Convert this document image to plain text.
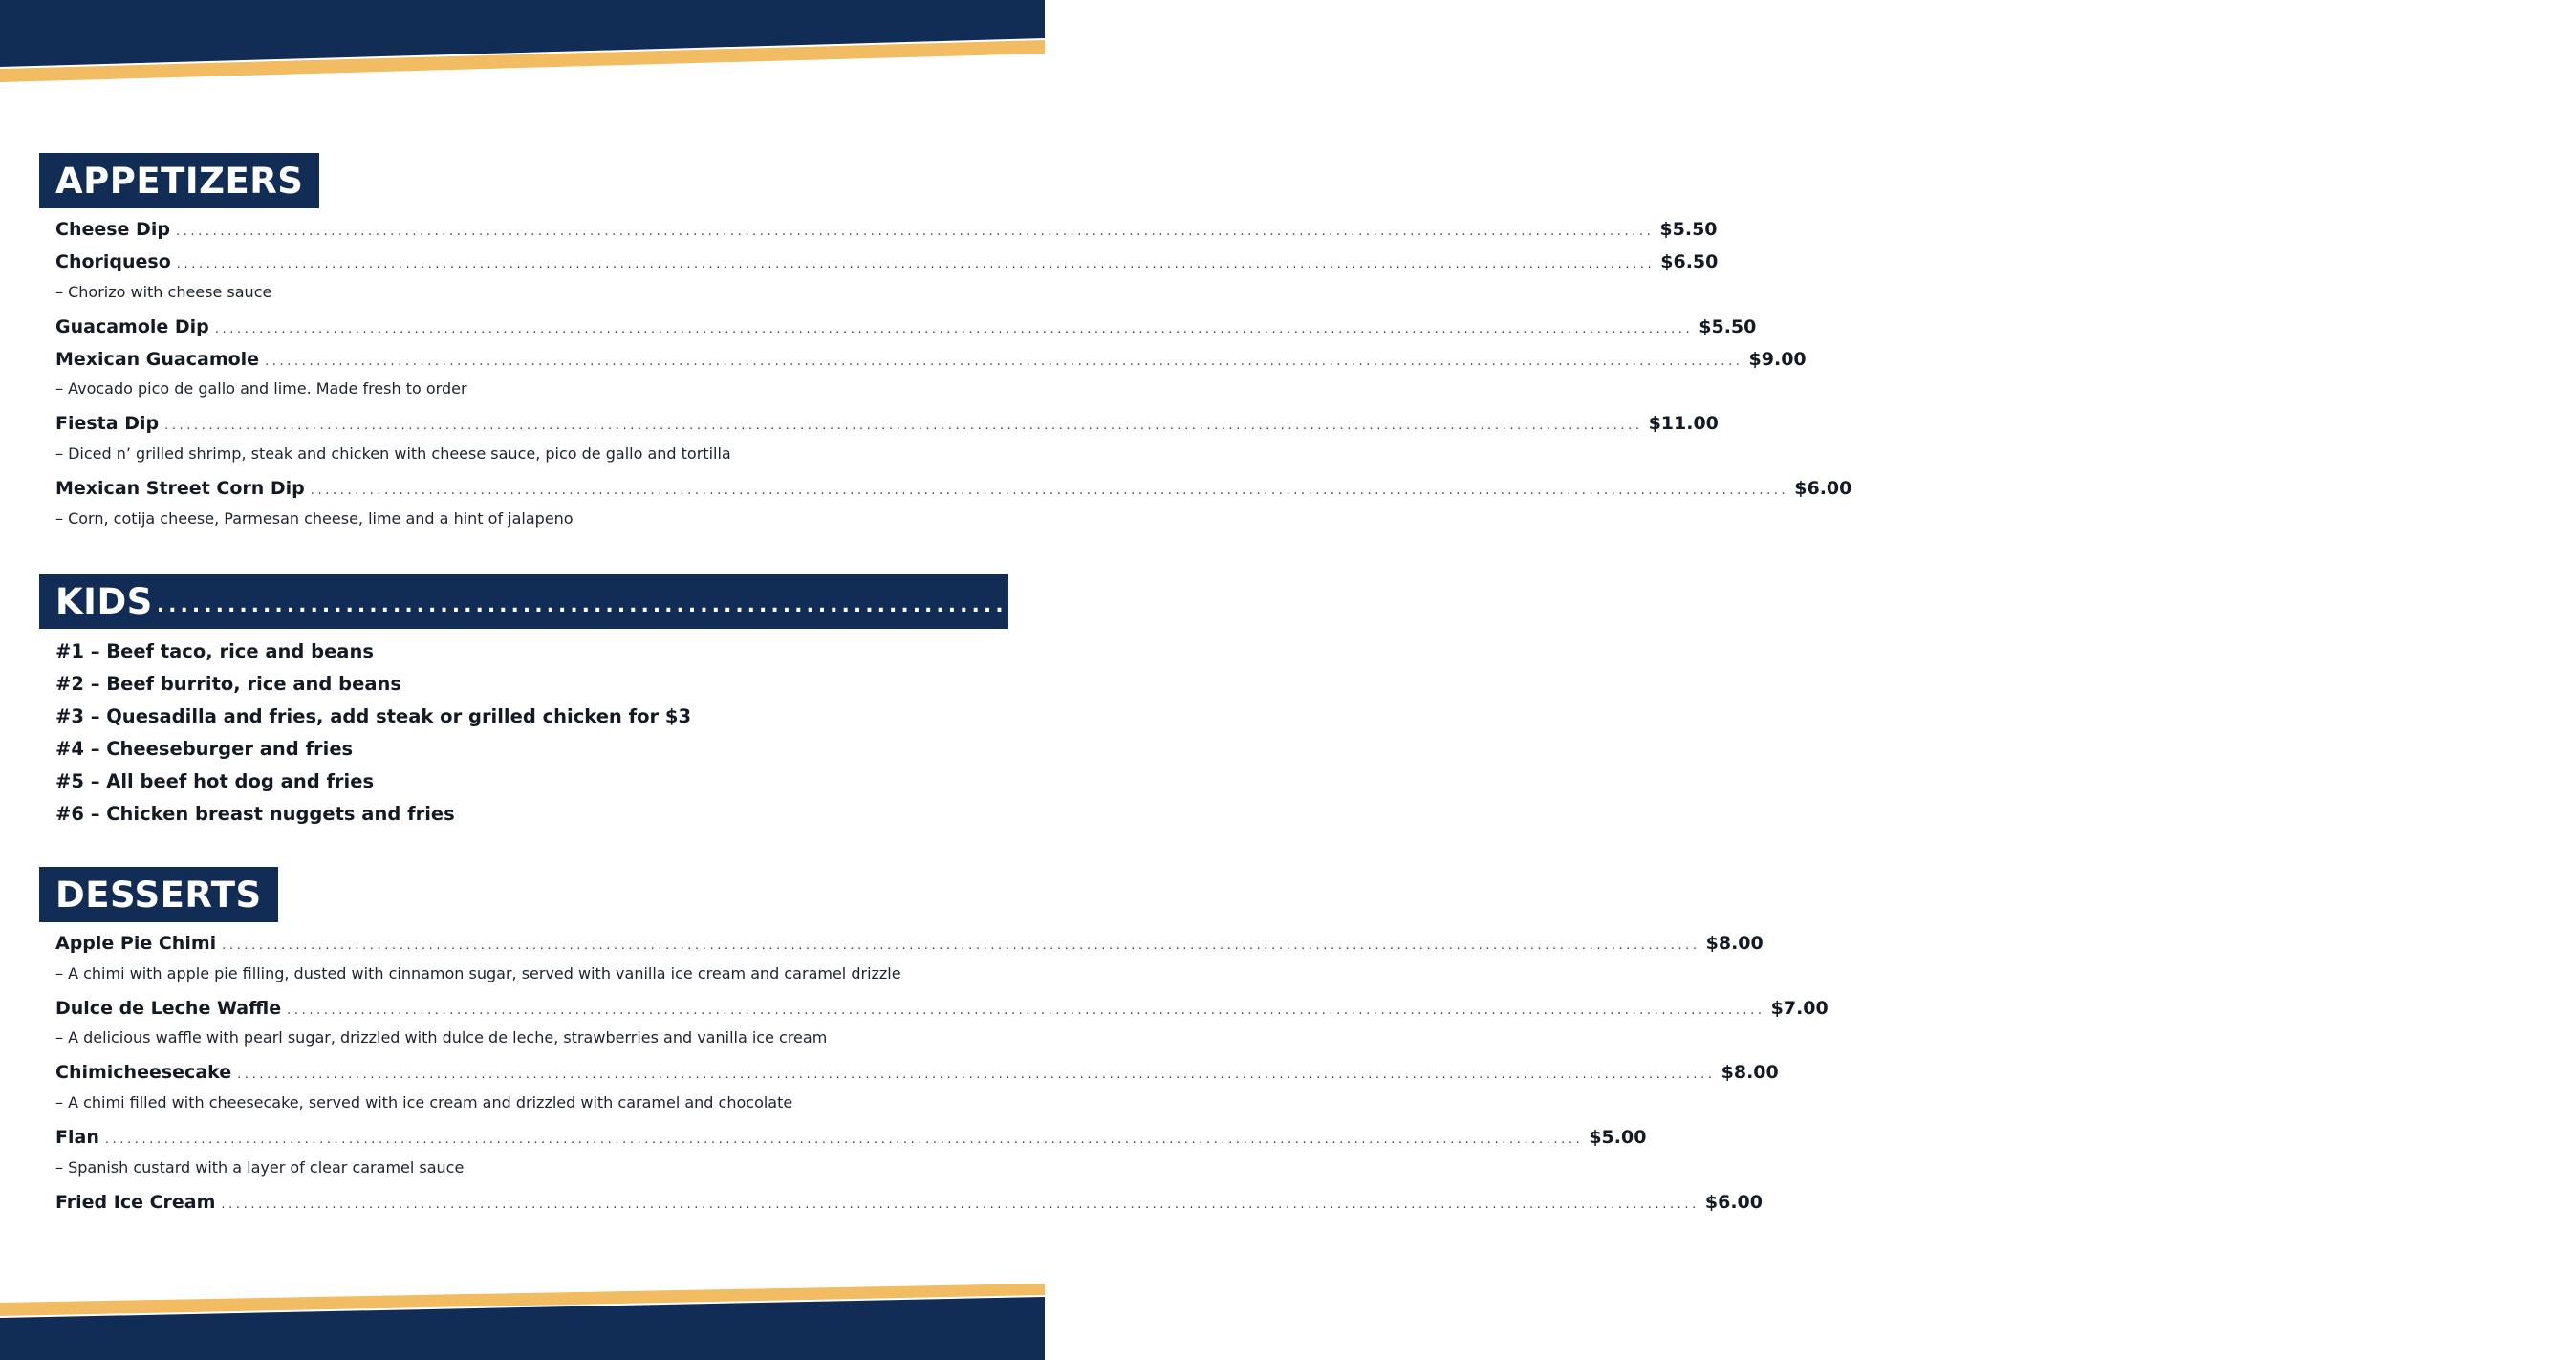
APPETIZERS
Cheese Dip ........................................................................................................................................................................................................ $5.50
Choriqueso ........................................................................................................................................................................................................ $6.50
– Chorizo with cheese sauce
Guacamole Dip ........................................................................................................................................................................................................ $5.50
Mexican Guacamole ........................................................................................................................................................................................................ $9.00
– Avocado pico de gallo and lime. Made fresh to order
Fiesta Dip ........................................................................................................................................................................................................ $11.00
– Diced n’ grilled shrimp, steak and chicken with cheese sauce, pico de gallo and tortilla
Mexican Street Corn Dip ........................................................................................................................................................................................................ $6.00
– Corn, cotija cheese, Parmesan cheese, lime and a hint of jalapeno
KIDS ........................................................................................................................................................................................................ $7.00
#1 – Beef taco, rice and beans
#2 – Beef burrito, rice and beans
#3 – Quesadilla and fries, add steak or grilled chicken for $3
#4 – Cheeseburger and fries
#5 – All beef hot dog and fries
#6 – Chicken breast nuggets and fries
DESSERTS
Apple Pie Chimi ........................................................................................................................................................................................................ $8.00
– A chimi with apple pie filling, dusted with cinnamon sugar, served with vanilla ice cream and caramel drizzle
Dulce de Leche Waffle ........................................................................................................................................................................................................ $7.00
– A delicious waffle with pearl sugar, drizzled with dulce de leche, strawberries and vanilla ice cream
Chimicheesecake ........................................................................................................................................................................................................ $8.00
– A chimi filled with cheesecake, served with ice cream and drizzled with caramel and chocolate
Flan ........................................................................................................................................................................................................ $5.00
– Spanish custard with a layer of clear caramel sauce
Fried Ice Cream ........................................................................................................................................................................................................ $6.00
